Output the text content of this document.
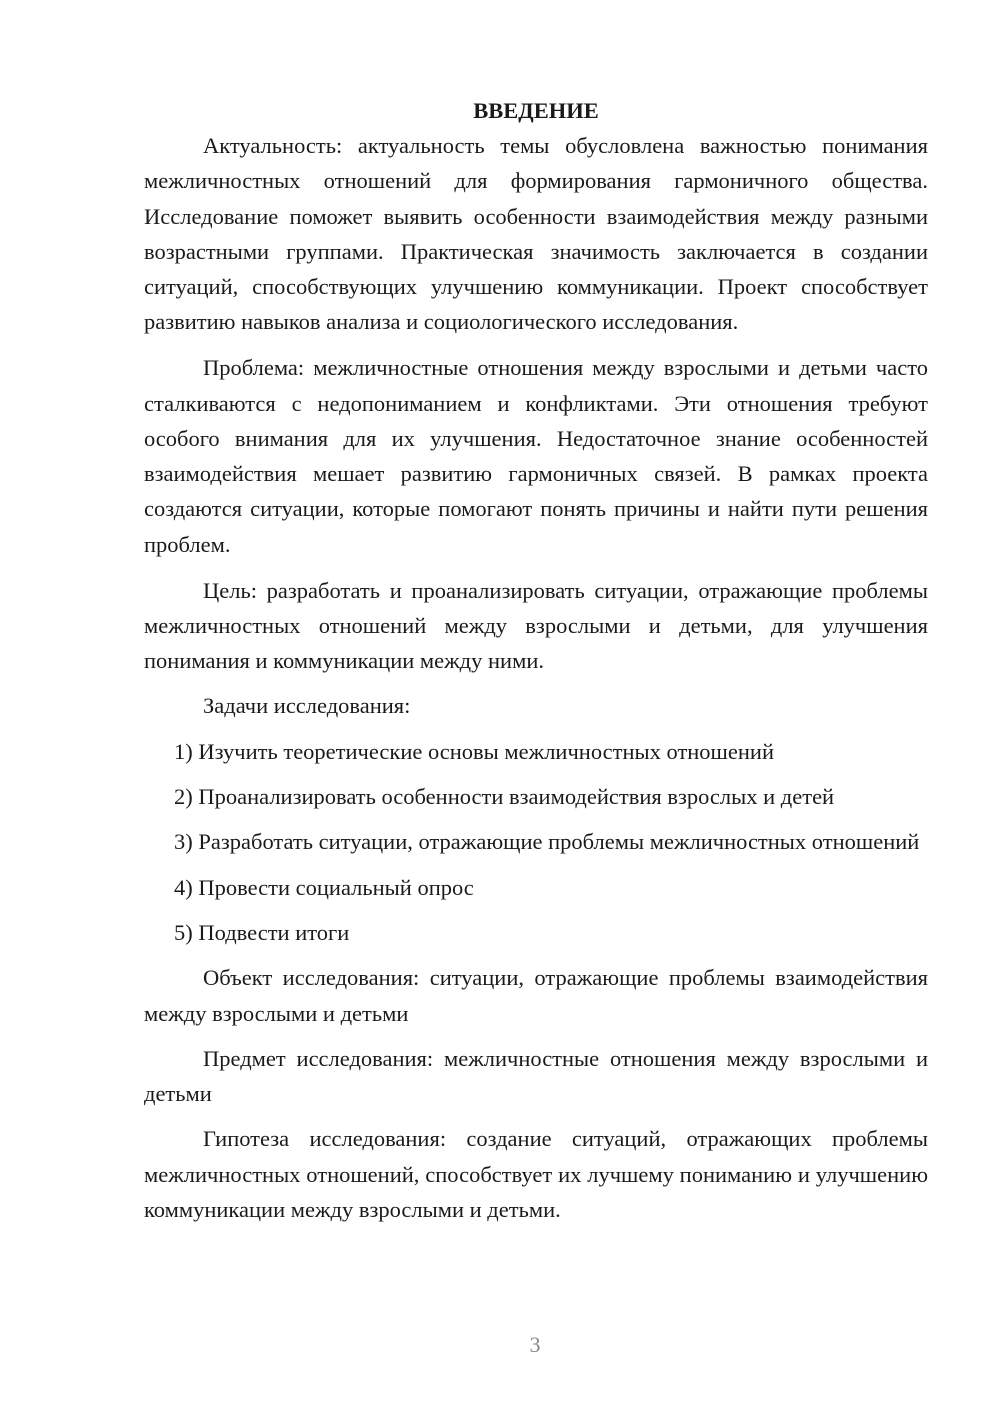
ВВЕДЕНИЕ

Актуальность: актуальность темы обусловлена важностью понимания межличностных отношений для формирования гармоничного общества. Исследование поможет выявить особенности взаимодействия между разными возрастными группами. Практическая значимость заключается в создании ситуаций, способствующих улучшению коммуникации. Проект способствует развитию навыков анализа и социологического исследования.

Проблема: межличностные отношения между взрослыми и детьми часто сталкиваются с недопониманием и конфликтами. Эти отношения требуют особого внимания для их улучшения. Недостаточное знание особенностей взаимодействия мешает развитию гармоничных связей. В рамках проекта создаются ситуации, которые помогают понять причины и найти пути решения проблем.

Цель: разработать и проанализировать ситуации, отражающие проблемы межличностных отношений между взрослыми и детьми, для улучшения понимания и коммуникации между ними.

Задачи исследования:

1) Изучить теоретические основы межличностных отношений

2) Проанализировать особенности взаимодействия взрослых и детей

3) Разработать ситуации, отражающие проблемы межличностных отношений

4) Провести социальный опрос

5) Подвести итоги

Объект исследования: ситуации, отражающие проблемы взаимодействия между взрослыми и детьми

Предмет исследования: межличностные отношения между взрослыми и детьми

Гипотеза исследования: создание ситуаций, отражающих проблемы межличностных отношений, способствует их лучшему пониманию и улучшению коммуникации между взрослыми и детьми.

3
